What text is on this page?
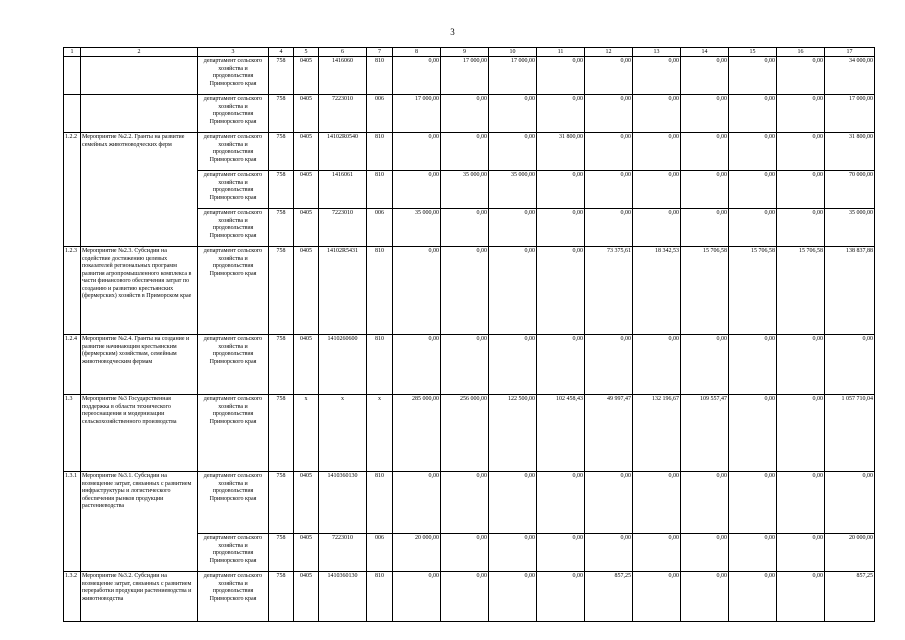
3
1	2	3	4	5	6	7	8	9	10	11	12	13	14	15	16	17
		департамент сельского хозяйства и продовольствия Приморского края	758	0405	1416060	810	0,00	17 000,00	17 000,00	0,00	0,00	0,00	0,00	0,00	0,00	34 000,00
		департамент сельского хозяйства и продовольствия Приморского края	758	0405	7223010	006	17 000,00	0,00	0,00	0,00	0,00	0,00	0,00	0,00	0,00	17 000,00
1.2.2	Мероприятие №2.2. Гранты на развитие семейных животноводческих ферм	департамент сельского хозяйства и продовольствия Приморского края	758	0405	14102R0540	810	0,00	0,00	0,00	31 800,00	0,00	0,00	0,00	0,00	0,00	31 800,00
		департамент сельского хозяйства и продовольствия Приморского края	758	0405	1416061	810	0,00	35 000,00	35 000,00	0,00	0,00	0,00	0,00	0,00	0,00	70 000,00
		департамент сельского хозяйства и продовольствия Приморского края	758	0405	7223010	006	35 000,00	0,00	0,00	0,00	0,00	0,00	0,00	0,00	0,00	35 000,00
1.2.3	Мероприятие №2.3. Субсидии на содействие достижению целевых показателей региональных программ развития агропромышленного комплекса в части финансового обеспечения затрат по созданию и развитию крестьянских (фермерских) хозяйств в Приморском крае	департамент сельского хозяйства и продовольствия Приморского края	758	0405	14102R5431	810	0,00	0,00	0,00	0,00	73 375,61	18 342,53	15 706,58	15 706,58	15 706,58	138 837,88
1.2.4	Мероприятие №2.4. Гранты на создание и развитие начинающим крестьянским (фермерским) хозяйствам, семейным животноводческим фермам	департамент сельского хозяйства и продовольствия Приморского края	758	0405	1410260600	810	0,00	0,00	0,00	0,00	0,00	0,00	0,00	0,00	0,00	0,00
1.3	Мероприятие №3 Государственная поддержка в области технического переоснащения и модернизации сельскохозяйственного производства	департамент сельского хозяйства и продовольствия Приморского края	758	x	x	x	285 000,00	256 000,00	122 500,00	102 458,43	49 997,47	132 196,67	109 557,47	0,00	0,00	1 057 710,04
1.3.1	Мероприятие №3.1. Субсидии на возмещение затрат, связанных с развитием инфраструктуры и логистического обеспечения рынков продукции растениеводства	департамент сельского хозяйства и продовольствия Приморского края	758	0405	1410360130	810	0,00	0,00	0,00	0,00	0,00	0,00	0,00	0,00	0,00	0,00
		департамент сельского хозяйства и продовольствия Приморского края	758	0405	7223010	006	20 000,00	0,00	0,00	0,00	0,00	0,00	0,00	0,00	0,00	20 000,00
1.3.2	Мероприятие №3.2. Субсидии на возмещение затрат, связанных с развитием переработки продукции растениеводства и животноводства	департамент сельского хозяйства и продовольствия Приморского края	758	0405	1410360130	810	0,00	0,00	0,00	0,00	857,25	0,00	0,00	0,00	0,00	857,25
